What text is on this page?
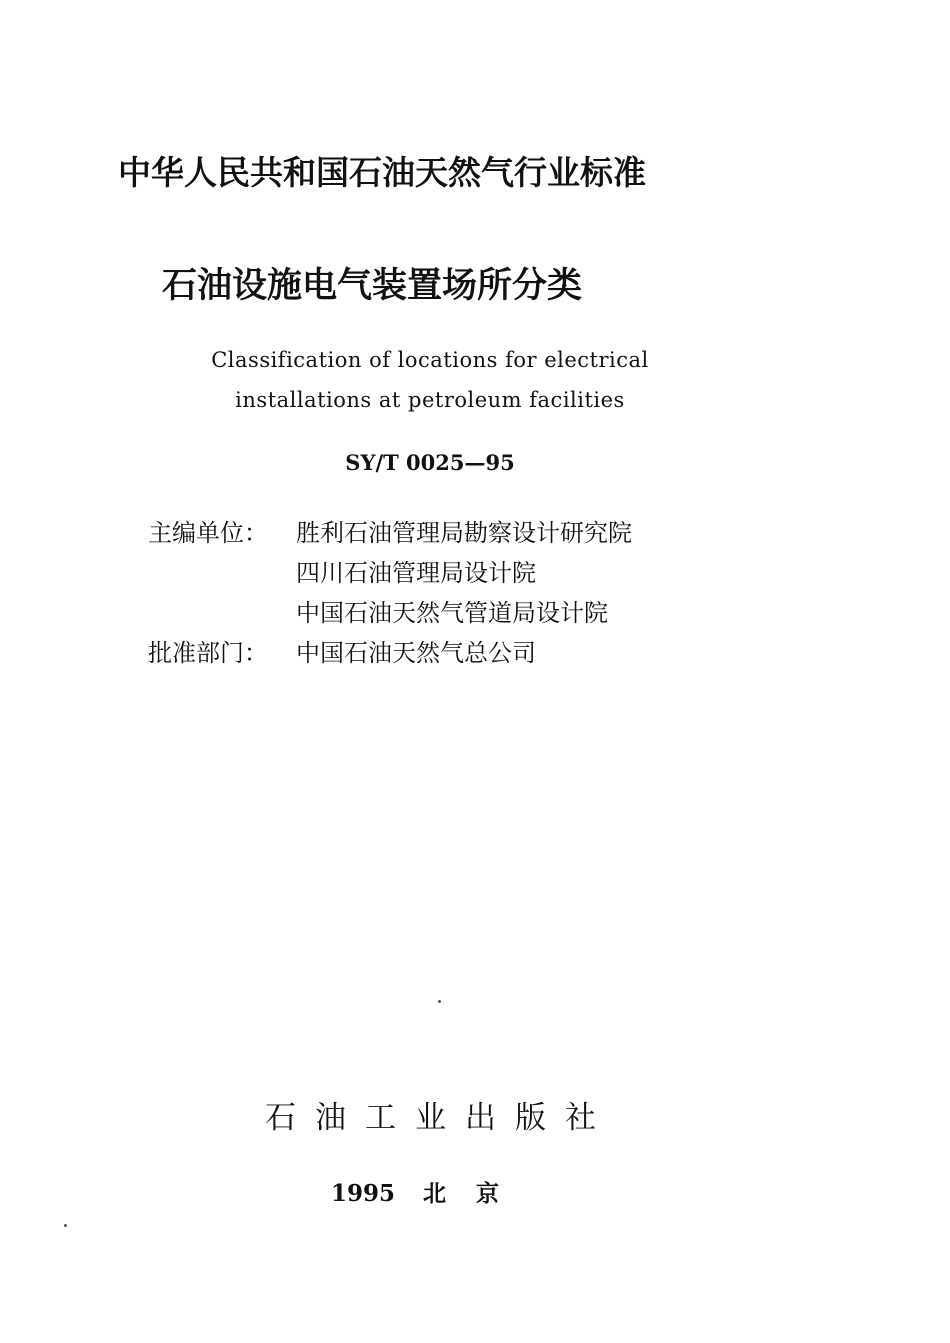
中华人民共和国石油天然气行业标准
石油设施电气装置场所分类
Classification of locations for electrical
installations at petroleum facilities
SY/T 0025—95
主编单位：	胜利石油管理局勘察设计研究院
四川石油管理局设计院
中国石油天然气管道局设计院
批准部门：	中国石油天然气总公司
石油工业出版社
1995 北京
